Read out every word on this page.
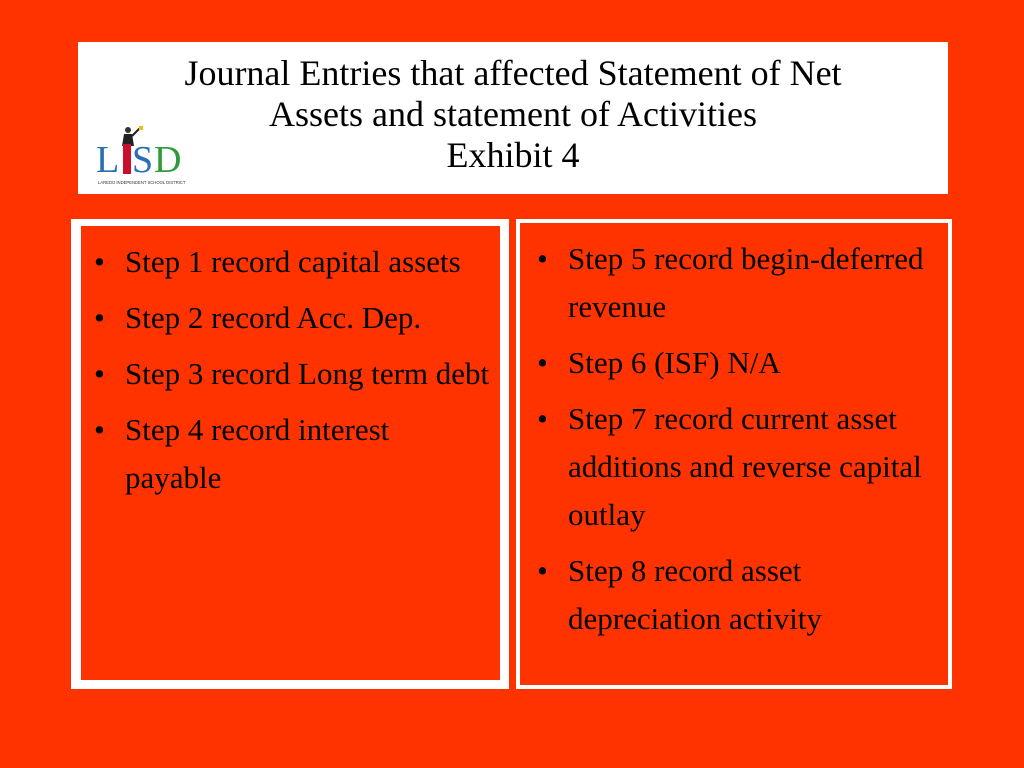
Journal Entries that affected Statement of Net
Assets and statement of Activities
Exhibit 4
L S D
LAREDO INDEPENDENT SCHOOL DISTRICT
• Step 1 record capital assets
• Step 2 record Acc. Dep.
• Step 3 record Long term debt
• Step 4 record interest payable
• Step 5 record begin-deferred revenue
• Step 6 (ISF) N/A
• Step 7 record current asset additions and reverse capital outlay
• Step 8 record asset depreciation activity
